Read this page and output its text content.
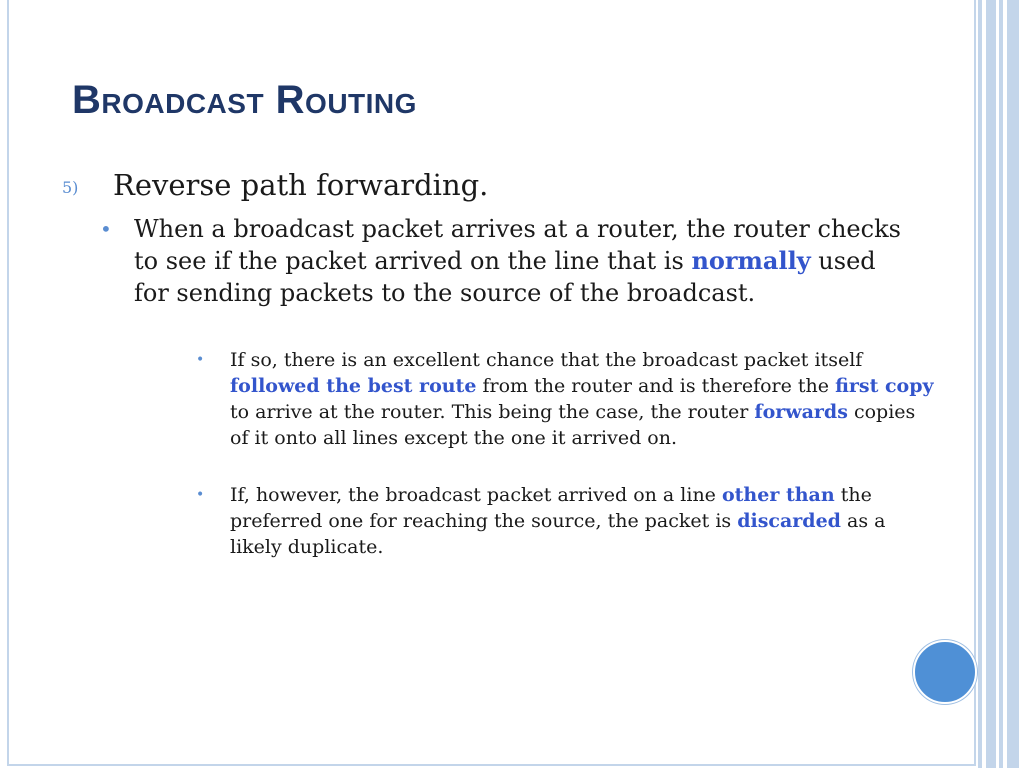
Broadcast Routing
5) Reverse path forwarding.
• When a broadcast packet arrives at a router, the router checks to see if the packet arrived on the line that is normally used for sending packets to the source of the broadcast.
• If so, there is an excellent chance that the broadcast packet itself followed the best route from the router and is therefore the first copy to arrive at the router. This being the case, the router forwards copies of it onto all lines except the one it arrived on.
• If, however, the broadcast packet arrived on a line other than the preferred one for reaching the source, the packet is discarded as a likely duplicate.
